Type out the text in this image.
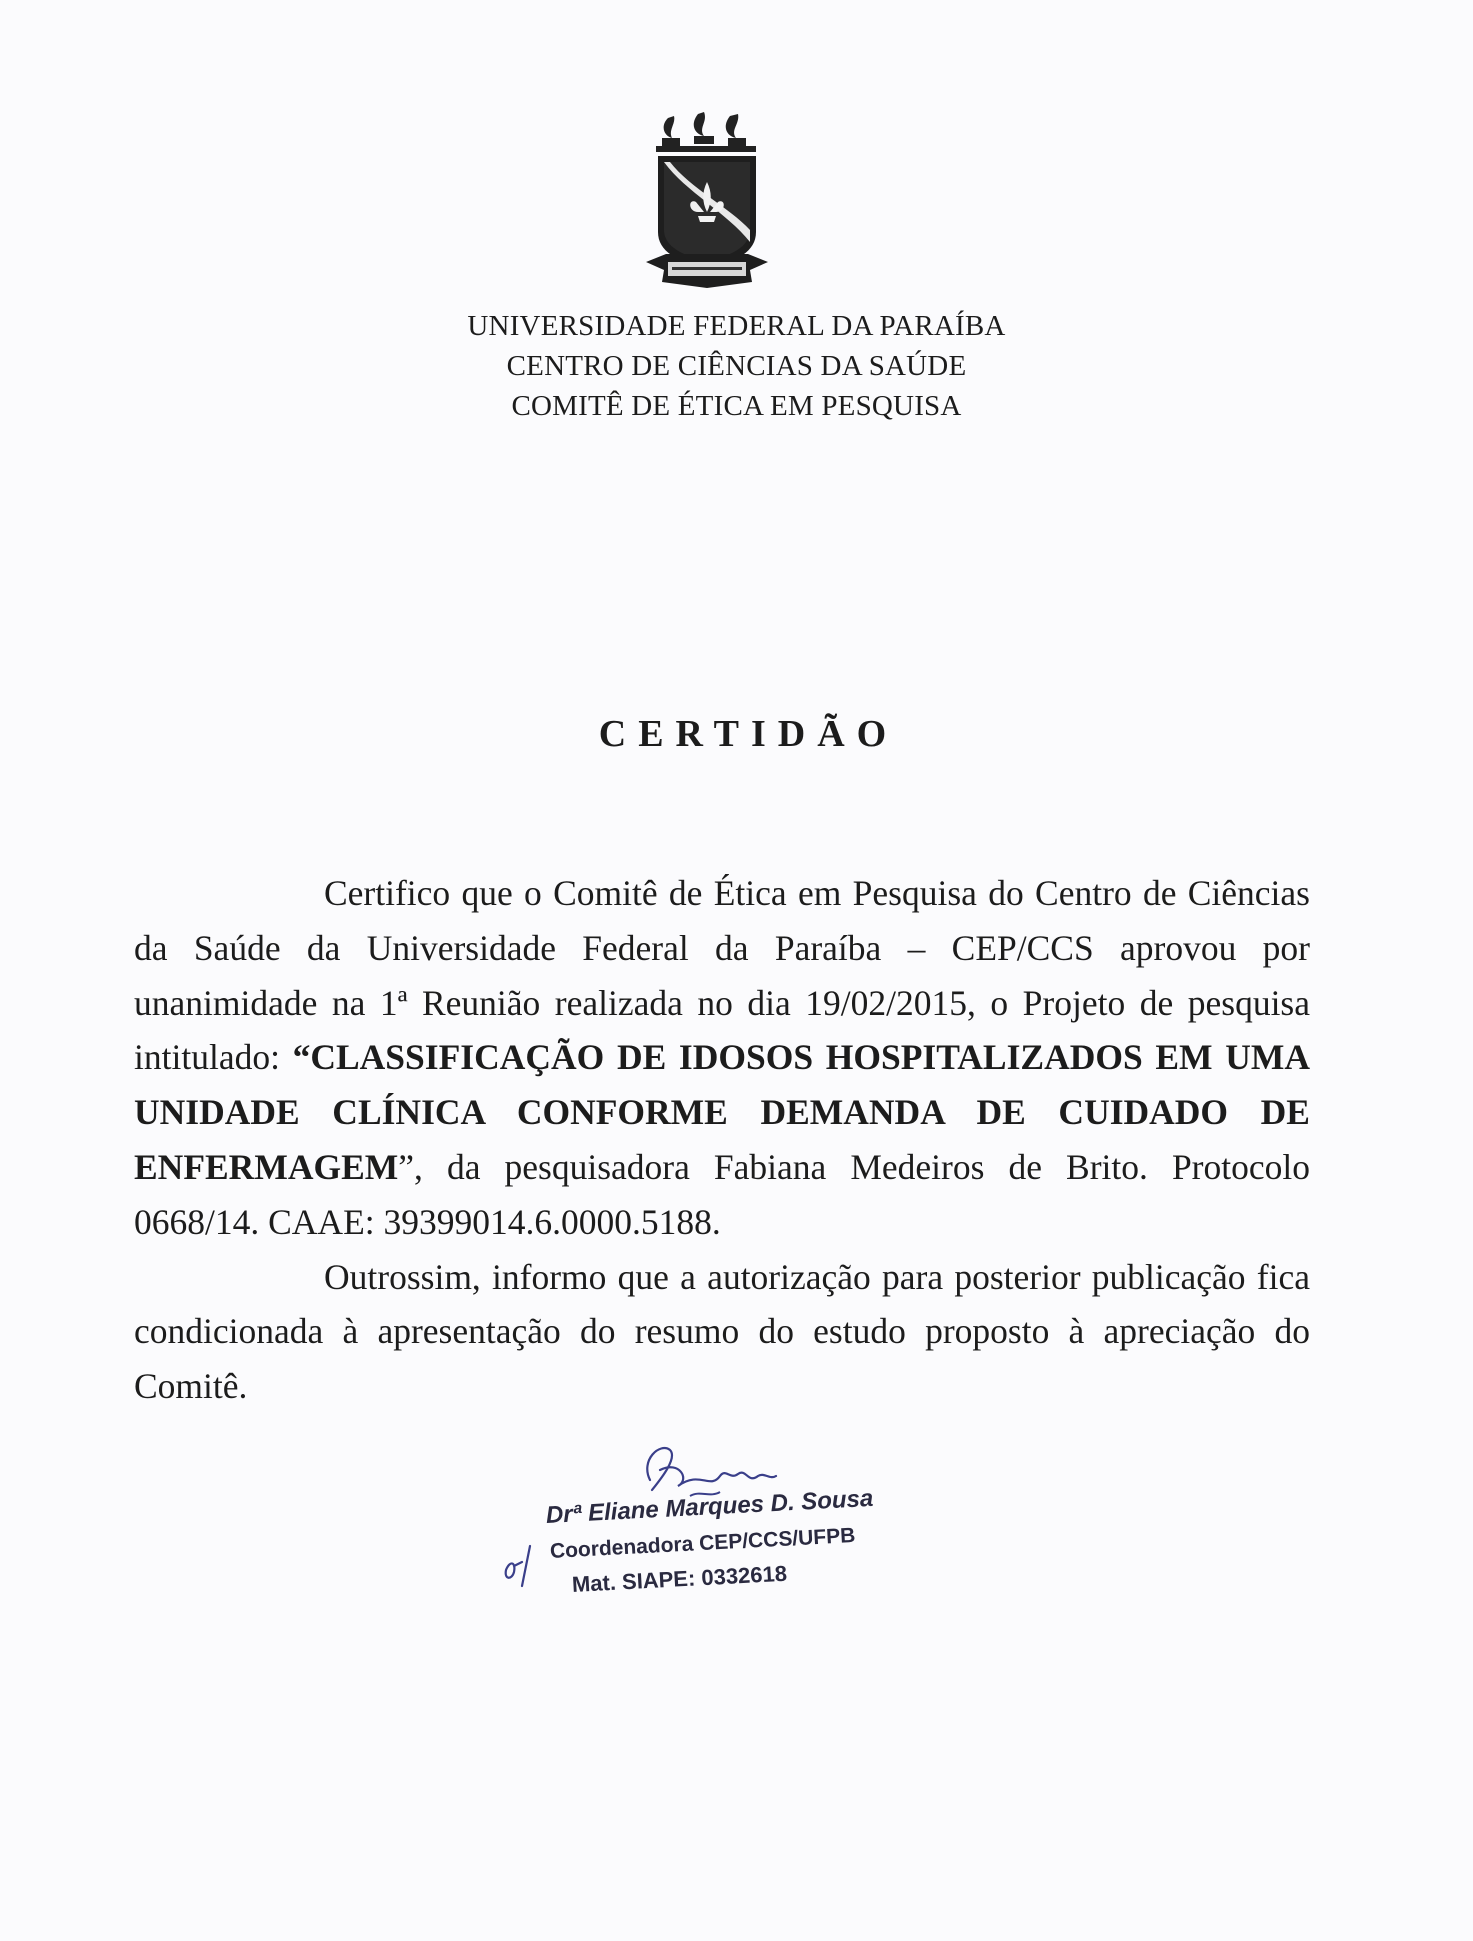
UNIVERSIDADE FEDERAL DA PARAÍBA
CENTRO DE CIÊNCIAS DA SAÚDE
COMITÊ DE ÉTICA EM PESQUISA
CERTIDÃO

Certifico que o Comitê de Ética em Pesquisa do Centro de Ciências da Saúde da Universidade Federal da Paraíba – CEP/CCS aprovou por unanimidade na 1ª Reunião realizada no dia 19/02/2015, o Projeto de pesquisa intitulado: “CLASSIFICAÇÃO DE IDOSOS HOSPITALIZADOS EM UMA UNIDADE CLÍNICA CONFORME DEMANDA DE CUIDADO DE ENFERMAGEM”, da pesquisadora Fabiana Medeiros de Brito. Protocolo 0668/14. CAAE: 39399014.6.0000.5188.

Outrossim, informo que a autorização para posterior publicação fica condicionada à apresentação do resumo do estudo proposto à apreciação do Comitê.

Drª Eliane Marques D. Sousa
Coordenadora CEP/CCS/UFPB
Mat. SIAPE: 0332618
